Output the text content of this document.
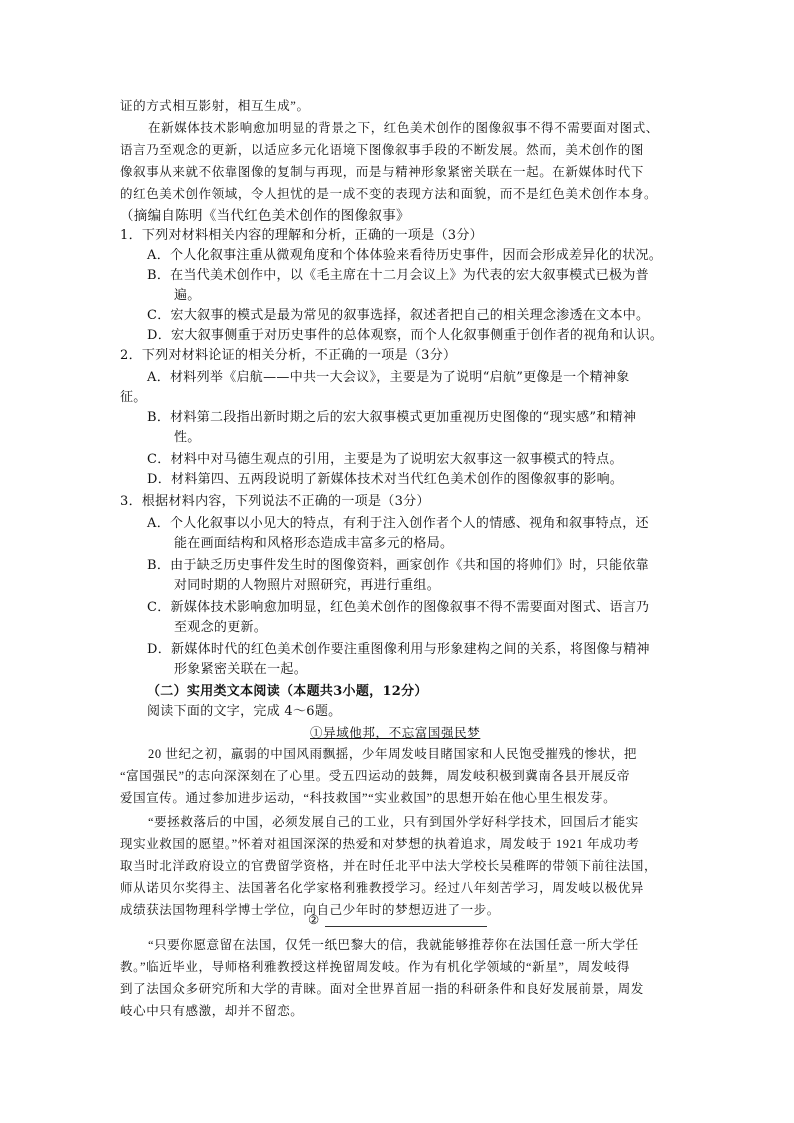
证的方式相互影射，相互生成”。
在新媒体技术影响愈加明显的背景之下，红色美术创作的图像叙事不得不需要面对图式、
语言乃至观念的更新，以适应多元化语境下图像叙事手段的不断发展。然而，美术创作的图
像叙事从来就不依靠图像的复制与再现，而是与精神形象紧密关联在一起。在新媒体时代下
的红色美术创作领域，令人担忧的是一成不变的表现方法和面貌，而不是红色美术创作本身。
（摘编自陈明《当代红色美术创作的图像叙事》
1．下列对材料相关内容的理解和分析，正确的一项是（3分）
A．个人化叙事注重从微观角度和个体体验来看待历史事件，因而会形成差异化的状况。
B．在当代美术创作中，以《毛主席在十二月会议上》为代表的宏大叙事模式已极为普
遍。
C．宏大叙事的模式是最为常见的叙事选择，叙述者把自己的相关理念渗透在文本中。
D．宏大叙事侧重于对历史事件的总体观察，而个人化叙事侧重于创作者的视角和认识。
2．下列对材料论证的相关分析，不正确的一项是（3分）
A．材料列举《启航——中共一大会议》，主要是为了说明“启航”更像是一个精神象
征。
B．材料第二段指出新时期之后的宏大叙事模式更加重视历史图像的“现实感”和精神
性。
C．材料中对马德生观点的引用，主要是为了说明宏大叙事这一叙事模式的特点。
D．材料第四、五两段说明了新媒体技术对当代红色美术创作的图像叙事的影响。
3．根据材料内容，下列说法不正确的一项是（3分）
A．个人化叙事以小见大的特点，有利于注入创作者个人的情感、视角和叙事特点，还
能在画面结构和风格形态造成丰富多元的格局。
B．由于缺乏历史事件发生时的图像资料，画家创作《共和国的将帅们》时，只能依靠
对同时期的人物照片对照研究，再进行重组。
C．新媒体技术影响愈加明显，红色美术创作的图像叙事不得不需要面对图式、语言乃
至观念的更新。
D．新媒体时代的红色美术创作要注重图像利用与形象建构之间的关系，将图像与精神
形象紧密关联在一起。
（二）实用类文本阅读（本题共3小题，12分）
阅读下面的文字，完成 4～6题。
①异域他邦，不忘富国强民梦
20 世纪之初，羸弱的中国风雨飘摇，少年周发岐目睹国家和人民饱受摧残的惨状，把
“富国强民”的志向深深刻在了心里。受五四运动的鼓舞，周发岐积极到冀南各县开展反帝
爱国宣传。通过参加进步运动，“科技救国”“实业救国”的思想开始在他心里生根发芽。
“要拯救落后的中国，必须发展自己的工业，只有到国外学好科学技术，回国后才能实
现实业救国的愿望。”怀着对祖国深深的热爱和对梦想的执着追求，周发岐于 1921 年成功考
取当时北洋政府设立的官费留学资格，并在时任北平中法大学校长吴稚晖的带领下前往法国，
师从诺贝尔奖得主、法国著名化学家格利雅教授学习。经过八年刻苦学习，周发岐以极优异
成绩获法国物理科学博士学位，向自己少年时的梦想迈进了一步。
②
“只要你愿意留在法国，仅凭一纸巴黎大的信，我就能够推荐你在法国任意一所大学任
教。”临近毕业，导师格利雅教授这样挽留周发岐。作为有机化学领域的“新星”，周发岐得
到了法国众多研究所和大学的青睐。面对全世界首屈一指的科研条件和良好发展前景，周发
岐心中只有感激，却并不留恋。
